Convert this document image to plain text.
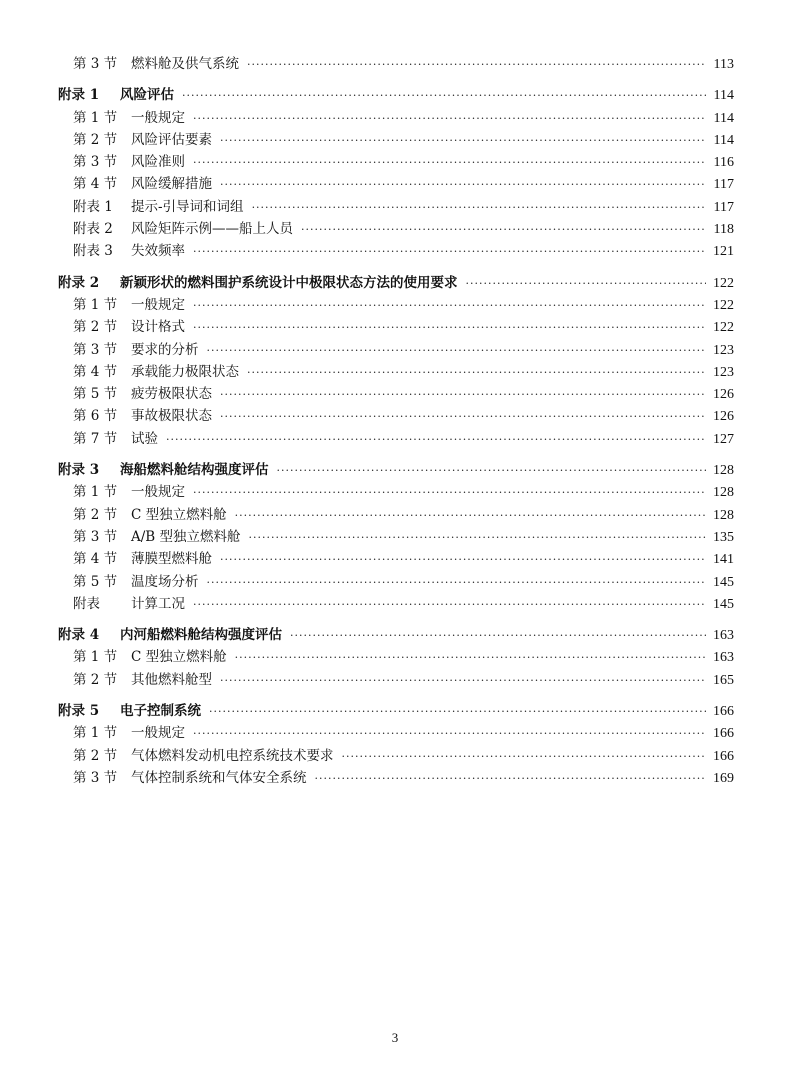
第 3 节 燃料舱及供气系统 ·····	113
附录 1 风险评估 ·····	114
第 1 节 一般规定 ·····	114
第 2 节 风险评估要素 ·····	114
第 3 节 风险准则 ·····	116
第 4 节 风险缓解措施 ·····	117
附表 1 提示-引导词和词组 ·····	117
附表 2 风险矩阵示例——船上人员 ·····	118
附表 3 失效频率 ·····	121
附录 2 新颖形状的燃料围护系统设计中极限状态方法的使用要求 ·····	122
第 1 节 一般规定 ·····	122
第 2 节 设计格式 ·····	122
第 3 节 要求的分析 ·····	123
第 4 节 承载能力极限状态 ·····	123
第 5 节 疲劳极限状态 ·····	126
第 6 节 事故极限状态 ·····	126
第 7 节 试验 ·····	127
附录 3 海船燃料舱结构强度评估 ·····	128
第 1 节 一般规定 ·····	128
第 2 节 C 型独立燃料舱 ·····	128
第 3 节 A/B 型独立燃料舱 ·····	135
第 4 节 薄膜型燃料舱 ·····	141
第 5 节 温度场分析 ·····	145
附表 计算工况 ·····	145
附录 4 内河船燃料舱结构强度评估 ·····	163
第 1 节 C 型独立燃料舱 ·····	163
第 2 节 其他燃料舱型 ·····	165
附录 5 电子控制系统 ·····	166
第 1 节 一般规定 ·····	166
第 2 节 气体燃料发动机电控系统技术要求 ·····	166
第 3 节 气体控制系统和气体安全系统 ·····	169
3
